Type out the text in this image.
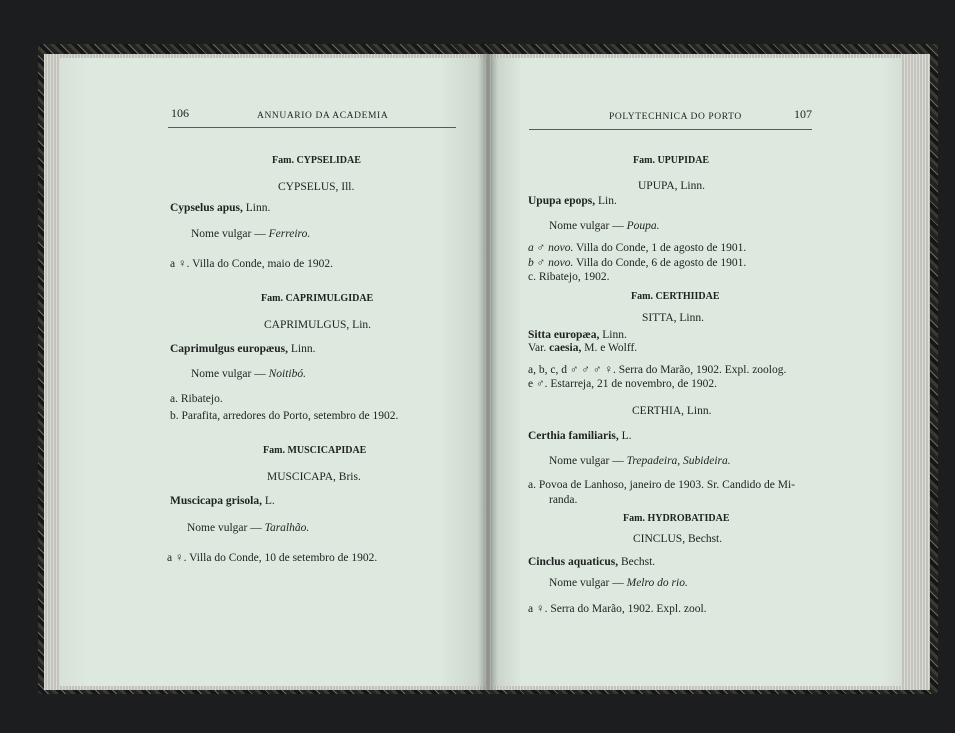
106	ANNUARIO DA ACADEMIA
Fam. CYPSELIDAE
CYPSELUS, Ill.
Cypselus apus, Linn.
Nome vulgar — Ferreiro.
a ♀. Villa do Conde, maio de 1902.
Fam. CAPRIMULGIDAE
CAPRIMULGUS, Lin.
Caprimulgus europæus, Linn.
Nome vulgar — Noitibó.
a. Ribatejo.
b. Parafita, arredores do Porto, setembro de 1902.
Fam. MUSCICAPIDAE
MUSCICAPA, Bris.
Muscicapa grisola, L.
Nome vulgar — Taralhão.
a ♀. Villa do Conde, 10 de setembro de 1902.
POLYTECHNICA DO PORTO	107
Fam. UPUPIDAE
UPUPA, Linn.
Upupa epops, Lin.
Nome vulgar — Poupa.
a ♂ novo. Villa do Conde, 1 de agosto de 1901.
b ♂ novo. Villa do Conde, 6 de agosto de 1901.
c. Ribatejo, 1902.
Fam. CERTHIIDAE
SITTA, Linn.
Sitta europæa, Linn.
Var. caesia, M. e Wolff.
a, b, c, d ♂ ♂ ♂ ♀. Serra do Marão, 1902. Expl. zoolog.
e ♂. Estarreja, 21 de novembro, de 1902.
CERTHIA, Linn.
Certhia familiaris, L.
Nome vulgar — Trepadeira, Subideira.
a. Povoa de Lanhoso, janeiro de 1903. Sr. Candido de Mi-
randa.
Fam. HYDROBATIDAE
CINCLUS, Bechst.
Cinclus aquaticus, Bechst.
Nome vulgar — Melro do rio.
a ♀. Serra do Marão, 1902. Expl. zool.
